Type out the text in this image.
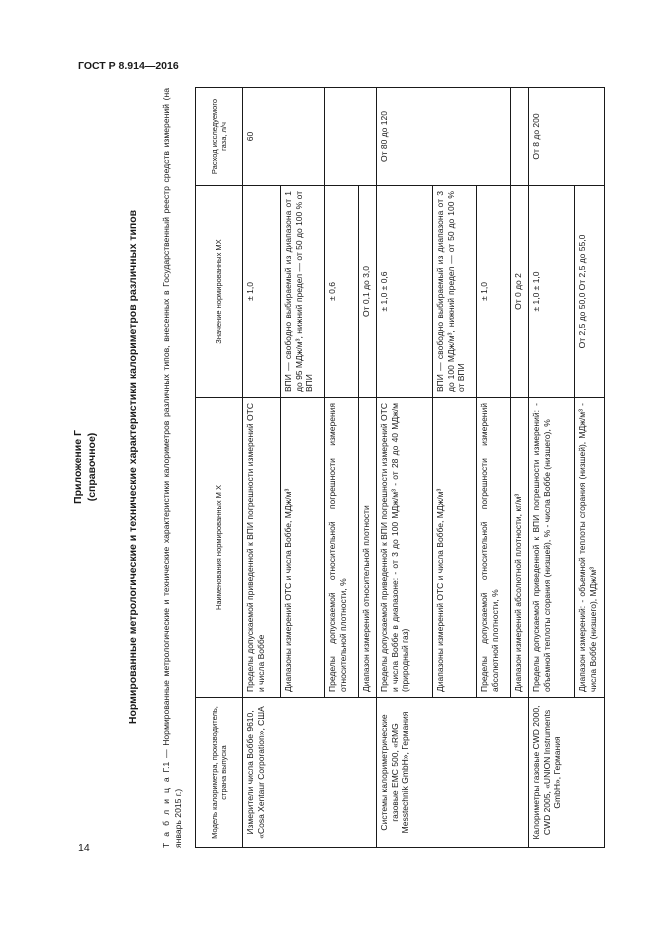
ГОСТ Р 8.914—2016
Приложение Г (справочное)	Нормированные метрологические и технические характеристики калориметров различных типов
Т а б л и ц а Г.1 — Нормированные метрологические и технические характеристики калориметров различных типов, внесенных в Государственный реестр средств измерений (на январь 2015 г.)	Модель калориметра, производитель, страна выпуска	Наименования нормированных М Х	Значение нормированных МХ	Расход исследуемого газа, л/ч
Измерители числа Воббе 9610, «Cosa Xentaur Corporation», США	Пределы допускаемой приведенной к ВПИ погрешности измерений ОТС и числа Воббе	± 1,0	60
	Диапазоны измерений ОТС и числа Воббе, МДж/м³	ВПИ — свободно выбираемый из диапазона от 1 до 95 МДж/м³, нижний предел — от 50 до 100 % от ВПИ	
	Пределы допускаемой относительной погрешности измерения относительной плотности, %	± 0,6	
	Диапазон измерений относительной плотности	От 0,1 до 3,0	
Системы калориметрические газовые EMC 500, «RMG Messtechnik GmbH», Германия	Пределы допускаемой приведенной к ВПИ погрешности измерений ОТС и числа Воббе в диапазоне: - от 3 до 100 МДж/м³ - от 28 до 40 МДж/м (природный газ)	± 1,0 ± 0,6	От 80 до 120
	Диапазоны измерений ОТС и числа Воббе, МДж/м³	ВПИ — свободно выбираемый из диапазона от 3 до 100 МДж/м³, нижний предел — от 50 до 100 % от ВПИ	
	Пределы допускаемой относительной погрешности измерений абсолютной плотности, %	± 1,0	
	Диапазон измерений абсолютной плотности, кг/м³	От 0 до 2	
Калориметры газовые CWD 2000, CWD 2005, «UNION Instruments GmbH», Германия	Пределы допускаемой приведенной к ВПИ погрешности измерений: - объемной теплоты сгорания (низшей), % - числа Воббе (низшего), %	± 1,0 ± 1,0	От 8 до 200
	Диапазон измерений: - объемной теплоты сгорания (низшей), МДж/м³ - числа Воббе (низшего), МДж/м³	От 2,5 до 50,0 От 2,5 до 55,0	
14
